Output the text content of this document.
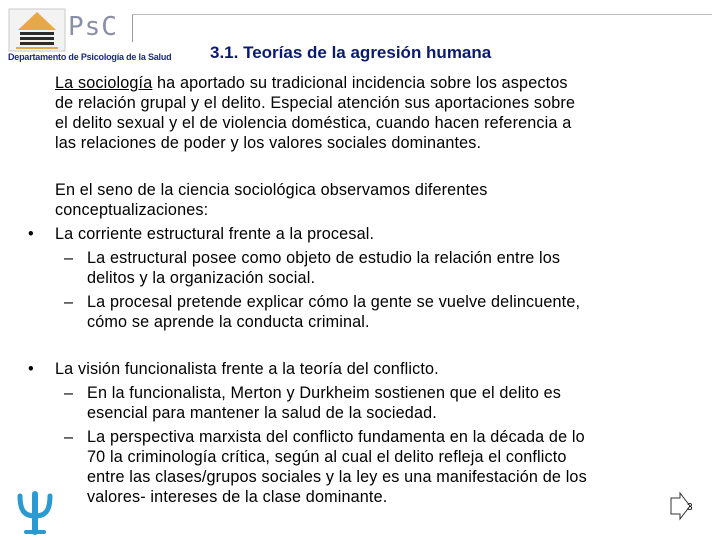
PsC
Departamento de Psicología de la Salud 3.1. Teorías de la agresión humana
La sociología ha aportado su tradicional incidencia sobre los aspectos
de relación grupal y el delito. Especial atención sus aportaciones sobre
el delito sexual y el de violencia doméstica, cuando hacen referencia a
las relaciones de poder y los valores sociales dominantes.
En el seno de la ciencia sociológica observamos diferentes
conceptualizaciones:
• La corriente estructural frente a la procesal.
– La estructural posee como objeto de estudio la relación entre los
delitos y la organización social.
– La procesal pretende explicar cómo la gente se vuelve delincuente,
cómo se aprende la conducta criminal.
• La visión funcionalista frente a la teoría del conflicto.
– En la funcionalista, Merton y Durkheim sostienen que el delito es
esencial para mantener la salud de la sociedad.
– La perspectiva marxista del conflicto fundamenta en la década de lo
70 la criminología crítica, según al cual el delito refleja el conflicto
entre las clases/grupos sociales y la ley es una manifestación de los
valores- intereses de la clase dominante.
3
